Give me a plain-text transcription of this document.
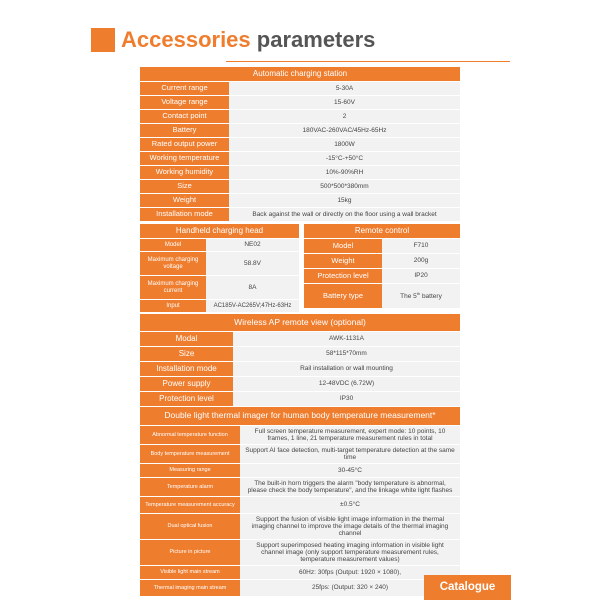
Accessories parameters
Automatic charging station	
Current range	5-30A
Voltage range	15-60V
Contact point	2
Battery	180VAC-260VAC/45Hz-65Hz
Rated output power	1800W
Working temperature	-15°C-+50°C
Working humidity	10%-90%RH
Size	500*500*380mm
Weight	15kg
Installation mode	Back against the wall or directly on the floor using a wall bracket
Handheld charging head	
Model	NE02
Maximum charging voltage	58.8V
Maximum charging current	8A
Input	AC185V-AC265V;47Hz-63Hz
Remote control	
Model	F710
Weight	200g
Protection level	IP20
Battery type	The 5th battery
Wireless AP remote view (optional)	
Modal	AWK-1131A
Size	58*115*70mm
Installation mode	Rail installation or wall mounting
Power supply	12-48VDC (6.72W)
Protection level	IP30
Double light thermal imager for human body temperature measurement*	
Abnormal temperature function	Full screen temperature measurement, expert mode: 10 points, 10 frames, 1 line, 21 temperature measurement rules in total
Body temperature measurement	Support AI face detection, multi-target temperature detection at the same time
Measuring range	30-45°C
Temperature alarm	The built-in horn triggers the alarm "body temperature is abnormal, please check the body temperature", and the linkage white light flashes
Temperature measurement accuracy	±0.5°C
Dual optical fusion	Support the fusion of visible light image information in the thermal imaging channel to improve the image details of the thermal imaging channel
Picture in picture	Support superimposed heating imaging information in visible light channel image (only support temperature measurement rules, temperature measurement values)
Visible light main stream	60Hz: 30fps (Output: 1920 × 1080),
Thermal imaging main stream	25fps: (Output: 320 × 240)	Catalogue
